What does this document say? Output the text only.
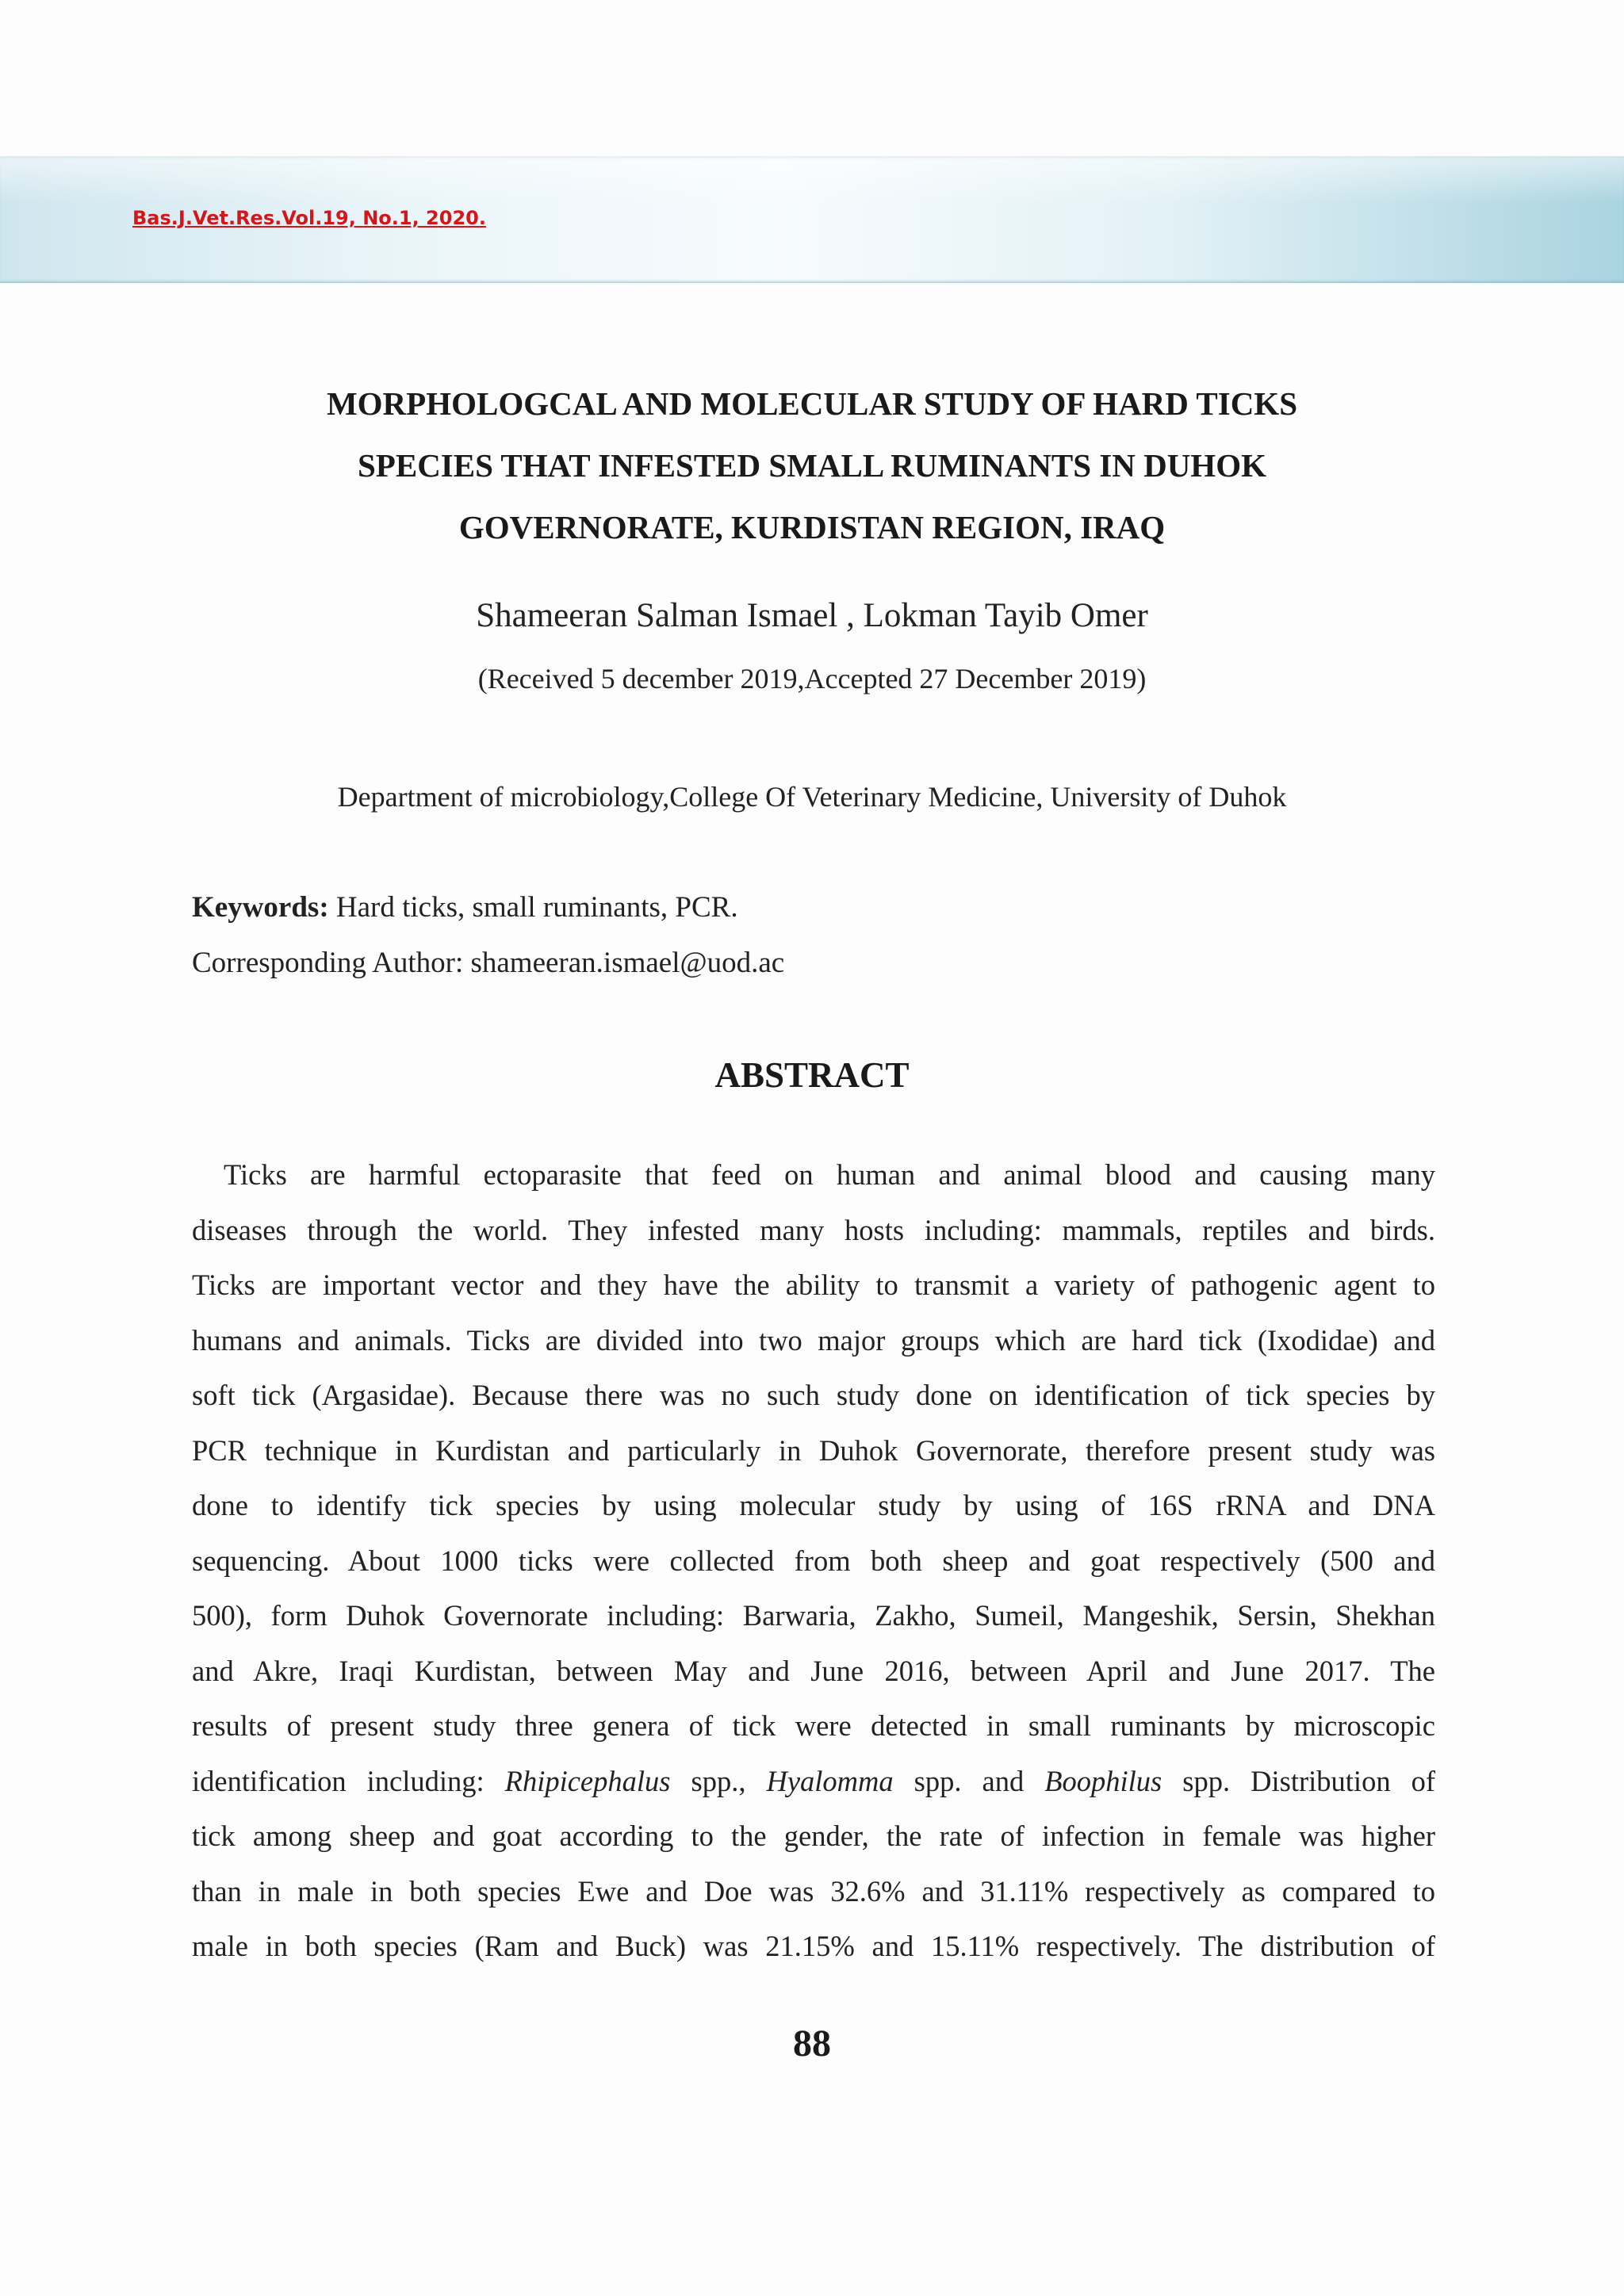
Bas.J.Vet.Res.Vol.19, No.1, 2020.
MORPHOLOGCAL AND MOLECULAR STUDY OF HARD TICKS
SPECIES THAT INFESTED SMALL RUMINANTS IN DUHOK
GOVERNORATE, KURDISTAN REGION, IRAQ
Shameeran Salman Ismael , Lokman Tayib Omer
(Received 5 december 2019,Accepted 27 December 2019)
Department of microbiology,College Of Veterinary Medicine, University of Duhok
Keywords: Hard ticks, small ruminants, PCR.
Corresponding Author: shameeran.ismael@uod.ac
ABSTRACT
Ticks are harmful ectoparasite that feed on human and animal blood and causing many
diseases through the world. They infested many hosts including: mammals, reptiles and birds.
Ticks are important vector and they have the ability to transmit a variety of pathogenic agent to
humans and animals. Ticks are divided into two major groups which are hard tick (Ixodidae) and
soft tick (Argasidae). Because there was no such study done on identification of tick species by
PCR technique in Kurdistan and particularly in Duhok Governorate, therefore present study was
done to identify tick species by using molecular study by using of 16S rRNA and DNA
sequencing. About 1000 ticks were collected from both sheep and goat respectively (500 and
500), form Duhok Governorate including: Barwaria, Zakho, Sumeil, Mangeshik, Sersin, Shekhan
and Akre, Iraqi Kurdistan, between May and June 2016, between April and June 2017. The
results of present study three genera of tick were detected in small ruminants by microscopic
identification including: Rhipicephalus spp., Hyalomma spp. and Boophilus spp. Distribution of
tick among sheep and goat according to the gender, the rate of infection in female was higher
than in male in both species Ewe and Doe was 32.6% and 31.11% respectively as compared to
male in both species (Ram and Buck) was 21.15% and 15.11% respectively. The distribution of
88
